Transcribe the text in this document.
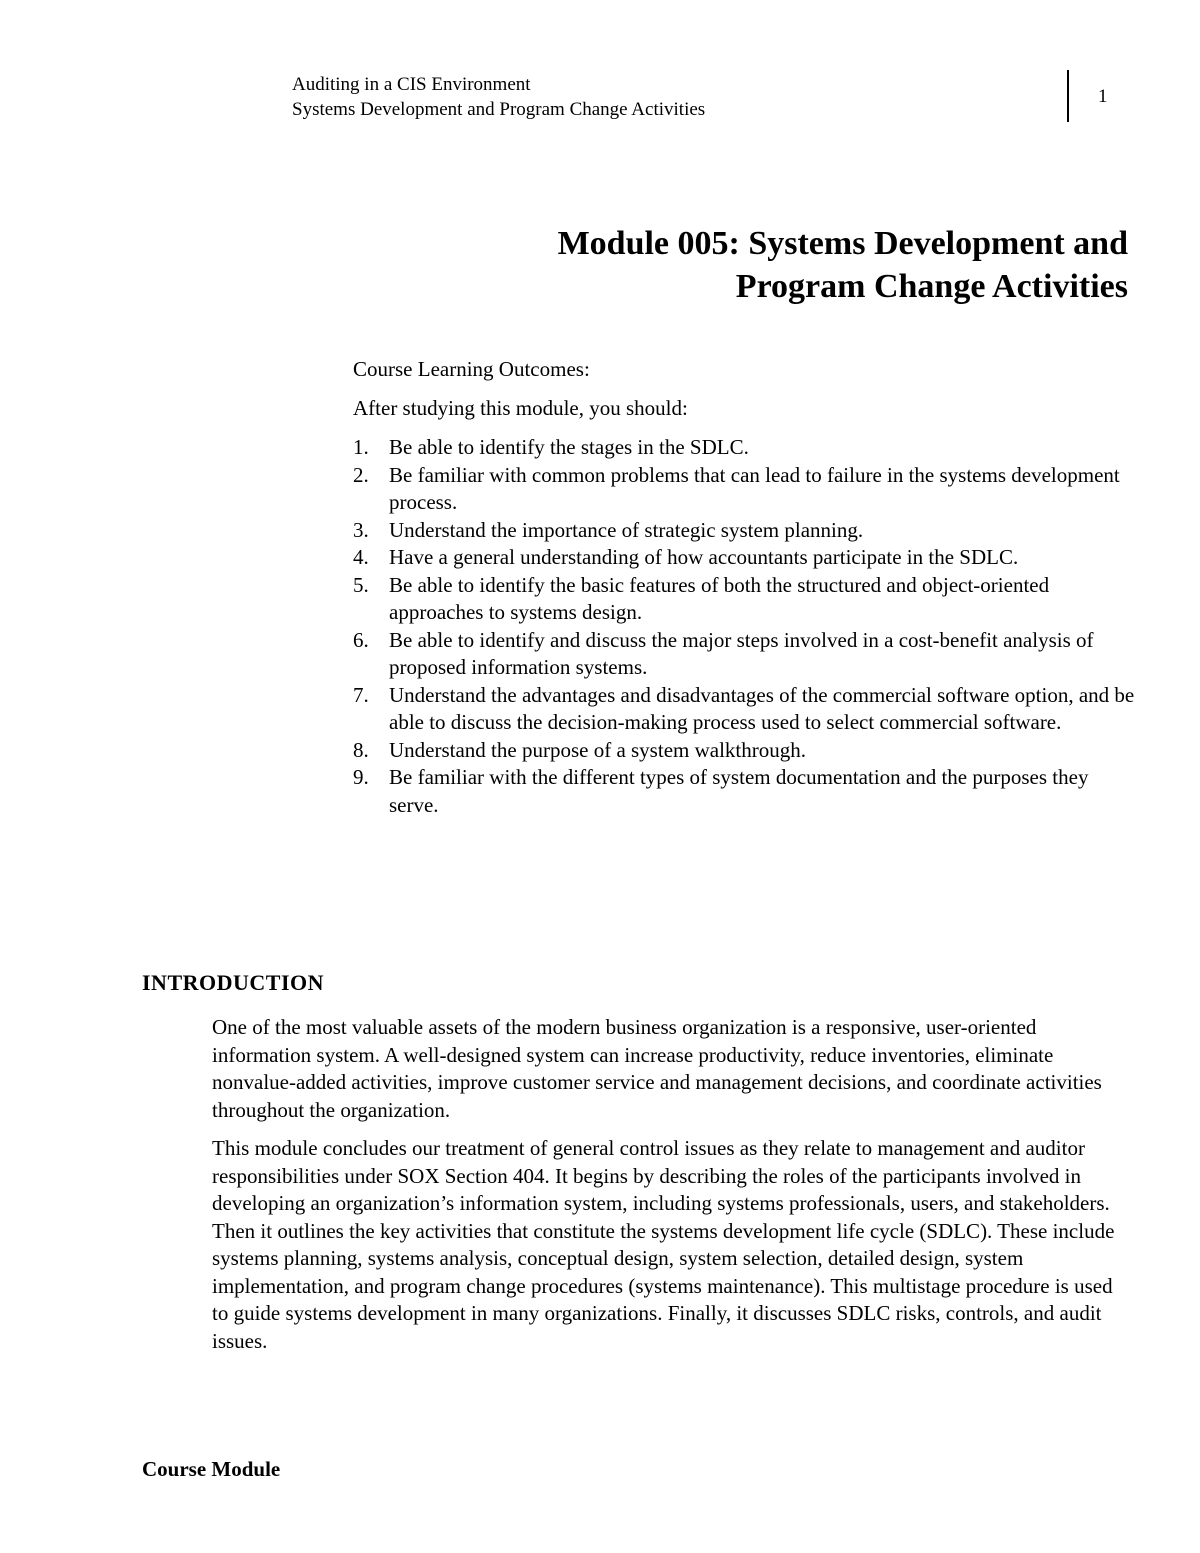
Auditing in a CIS Environment
Systems Development and Program Change Activities
1
Module 005: Systems Development and
Program Change Activities
Course Learning Outcomes:
After studying this module, you should:
1. Be able to identify the stages in the SDLC.
2. Be familiar with common problems that can lead to failure in the systems development process.
3. Understand the importance of strategic system planning.
4. Have a general understanding of how accountants participate in the SDLC.
5. Be able to identify the basic features of both the structured and object-oriented approaches to systems design.
6. Be able to identify and discuss the major steps involved in a cost-benefit analysis of proposed information systems.
7. Understand the advantages and disadvantages of the commercial software option, and be able to discuss the decision-making process used to select commercial software.
8. Understand the purpose of a system walkthrough.
9. Be familiar with the different types of system documentation and the purposes they serve.
INTRODUCTION

One of the most valuable assets of the modern business organization is a responsive, user-oriented information system. A well-designed system can increase productivity, reduce inventories, eliminate nonvalue-added activities, improve customer service and management decisions, and coordinate activities throughout the organization.

This module concludes our treatment of general control issues as they relate to management and auditor responsibilities under SOX Section 404. It begins by describing the roles of the participants involved in developing an organization’s information system, including systems professionals, users, and stakeholders. Then it outlines the key activities that constitute the systems development life cycle (SDLC). These include systems planning, systems analysis, conceptual design, system selection, detailed design, system implementation, and program change procedures (systems maintenance). This multistage procedure is used to guide systems development in many organizations. Finally, it discusses SDLC risks, controls, and audit issues.

Course Module
